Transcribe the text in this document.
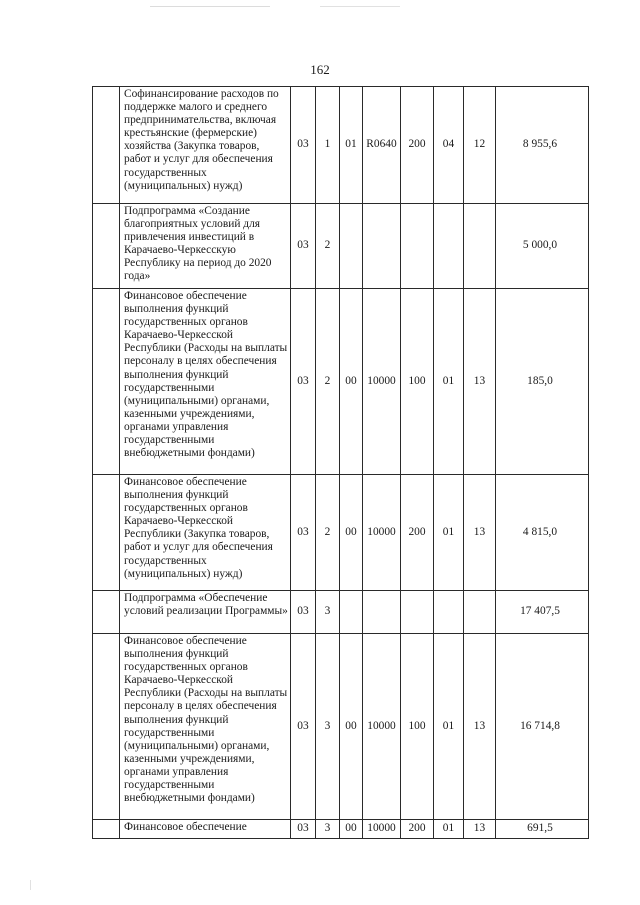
162
	Софинансирование расходов по поддержке малого и среднего предпринимательства, включая крестьянские (фермерские) хозяйства (Закупка товаров, работ и услуг для обеспечения государственных (муниципальных) нужд)	03	1	01	R0640	200	04	12	8 955,6
	Подпрограмма «Создание благоприятных условий для привлечения инвестиций в Карачаево-Черкесскую Республику на период до 2020 года»	03	2						5 000,0
	Финансовое обеспечение выполнения функций государственных органов Карачаево-Черкесской Республики (Расходы на выплаты персоналу в целях обеспечения выполнения функций государственными (муниципальными) органами, казенными учреждениями, органами управления государственными внебюджетными фондами)	03	2	00	10000	100	01	13	185,0
	Финансовое обеспечение выполнения функций государственных органов Карачаево-Черкесской Республики (Закупка товаров, работ и услуг для обеспечения государственных (муниципальных) нужд)	03	2	00	10000	200	01	13	4 815,0
	Подпрограмма «Обеспечение условий реализации Программы»	03	3						17 407,5
	Финансовое обеспечение выполнения функций государственных органов Карачаево-Черкесской Республики (Расходы на выплаты персоналу в целях обеспечения выполнения функций государственными (муниципальными) органами, казенными учреждениями, органами управления государственными внебюджетными фондами)	03	3	00	10000	100	01	13	16 714,8
	Финансовое обеспечение	03	3	00	10000	200	01	13	691,5
